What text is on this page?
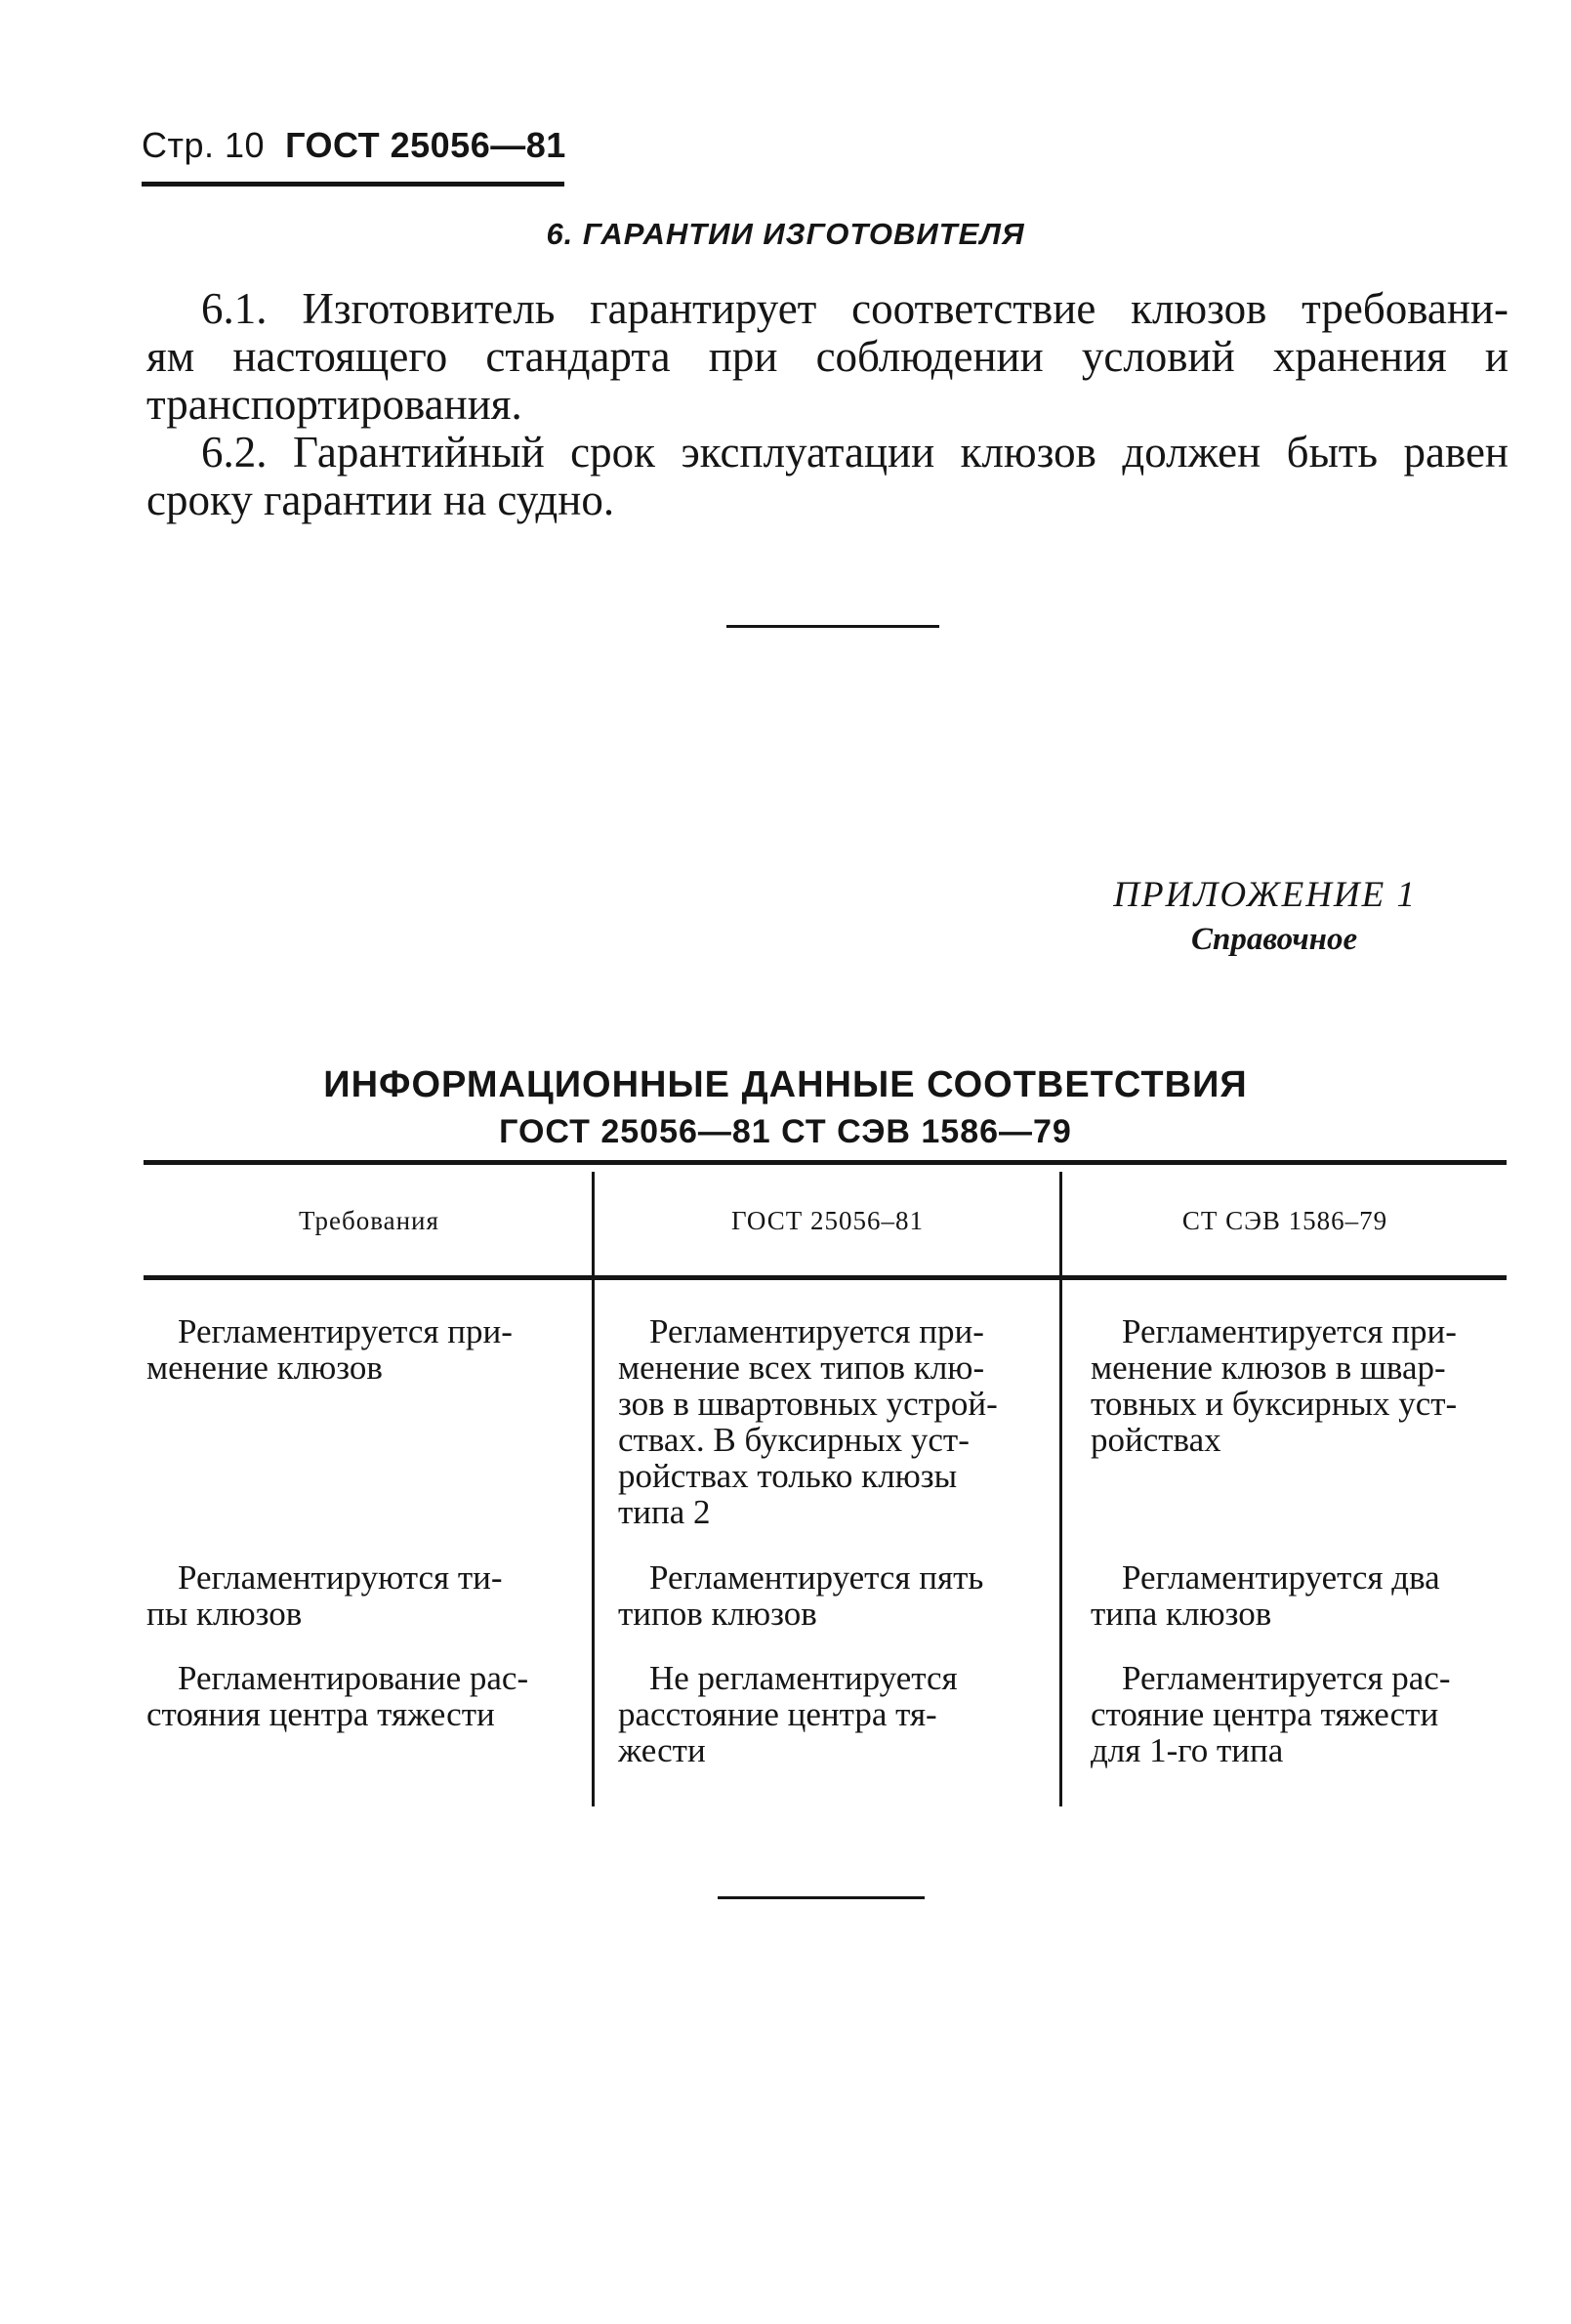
Стр. 10 ГОСТ 25056—81
6. ГАРАНТИИ ИЗГОТОВИТЕЛЯ
6.1. Изготовитель гарантирует соответствие клюзов требовани-
ям настоящего стандарта при соблюдении условий хранения и
транспортирования.
6.2. Гарантийный срок эксплуатации клюзов должен быть равен
сроку гарантии на судно.
ПРИЛОЖЕНИЕ 1
Справочное
ИНФОРМАЦИОННЫЕ ДАННЫЕ СООТВЕТСТВИЯ
ГОСТ 25056—81 СТ СЭВ 1586—79
Требования	ГОСТ 25056–81	СТ СЭВ 1586–79
Регламентируется при-
менение клюзов
Регламентируется при-
менение всех типов клю-
зов в швартовных устрой-
ствах. В буксирных уст-
ройствах только клюзы
типа 2
Регламентируется при-
менение клюзов в швар-
товных и буксирных уст-
ройствах
Регламентируются ти-
пы клюзов
Регламентируется пять
типов клюзов
Регламентируется два
типа клюзов
Регламентирование рас-
стояния центра тяжести
Не регламентируется
расстояние центра тя-
жести
Регламентируется рас-
стояние центра тяжести
для 1-го типа
